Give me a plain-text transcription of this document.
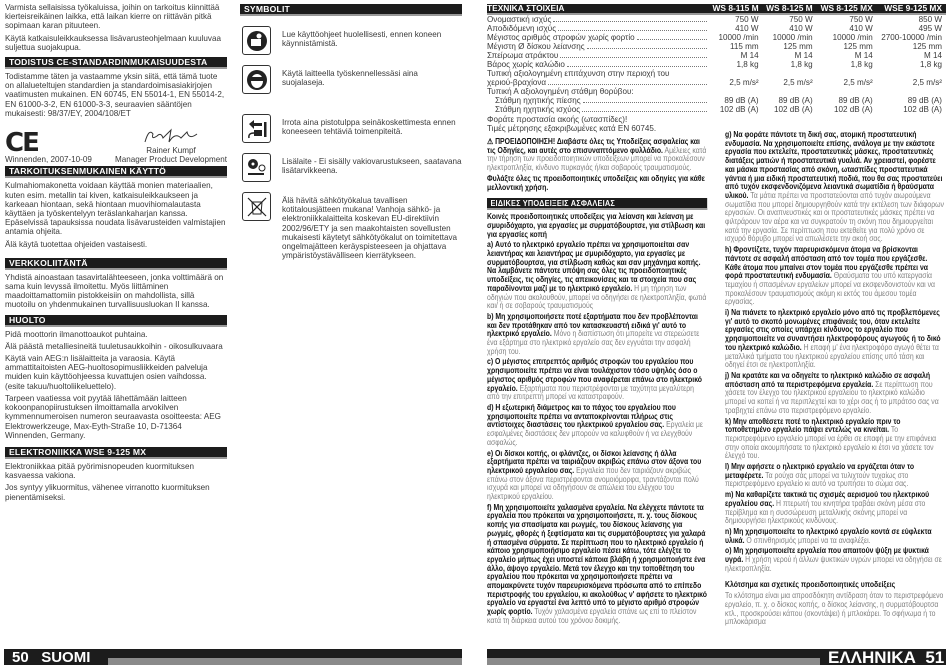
Varmista sellaisissa työkaluissa, joihin on tarkoitus kiinnittää kierteisreikäinen laikka, että laikan kierre on riittävän pitkä sopimaan karan pituuteen.

Käytä katkaisuleikkauksessa lisävarusteohjelmaan kuuluvaa suljettua suojakupua.

TODISTUS CE-STANDARDINMUKAISUUDESTA

Todistamme täten ja vastaamme yksin siitä, että tämä tuote on allalueteltujen standardien ja standardoimisasiakirjojen vaatimusten mukainen. EN 60745, EN 55014-1, EN 55014-2, EN 61000-3-2, EN 61000-3-3, seuraavien sääntöjen mukaisesti: 98/37/EY, 2004/108/ET

CE
Winnenden, 2007-10-09
Rainer Kumpf
Manager Product Development
TARKOITUKSENMUKAINEN KÄYTTÖ

Kulmahiomakonetta voidaan käyttää monien materiaalien, kuten esim. metallin tai kiven, katkaisuleikkaukseen ja karkeaan hiontaan, sekä hiontaan muovihiomalautasta käyttäen ja työskentelyyn teräslankaharjan kanssa. Epäselvissä tapauksissa noudata lisävarusteiden valmistajien antamia ohjeita.

Älä käytä tuotettaa ohjeiden vastaisesti.

VERKKOLIITÄNTÄ

Yhdistä ainoastaan tasavirtalähteeseen, jonka volttimäärä on sama kuin levyssä ilmoitettu. Myös liittäminen maadoittamattomiin pistokkeisiin on mahdollista, sillä muotoilu on yhdenmukainen turvallisuusluokan II kanssa.

HUOLTO

Pidä moottorin ilmanottoaukot puhtaina.

Älä päästä metalliesineitä tuuletusaukkoihin - oikosulkuvaara

Käytä vain AEG:n lisälaitteita ja varaosia. Käytä ammattitaitoisten AEG-huoltosopimusliikkeiden palveluja muiden kuin käyttöohjeessa kuvattujen osien vaihdossa. (esite takuu/huoltoliikeluettelo).

Tarpeen vaatiessa voit pyytää lähettämään laitteen kokoonpanopiirustuksen ilmoittamalla arvokilven kymmennumeroisen numeron seuraavasta osoitteesta: AEG Elektrowerkzeuge, Max-Eyth-Straße 10, D-71364 Winnenden, Germany.

ELEKTRONIIKKA WSE 9-125 MX

Elektroniikkaa pitää pyörimisnopeuden kuormituksen kasvaessa vakiona.

Jos syntyy ylikuormitus, vähenee virranotto kuormituksen pienentämiseksi.

SYMBOLIT
Lue käyttöohjeet huolellisesti, ennen koneen käynnistämistä.
Käytä laitteella työskennellessäsi aina suojalaseja.
Irrota aina pistotulppa seinäkoskettimesta ennen koneeseen tehtäviä toimenpiteitä.
Lisälaite - Ei sisälly vakiovarustukseen, saatavana lisätarvikkeena.
Älä hävitä sähkötyökalua tavallisen kotitalousjätteen mukana! Vanhoja sähkö- ja elektroniikkalaitteita koskevan EU-direktiivin 2002/96/ETY ja sen maakohtaisten sovellusten mukaisesti käytetyt sähkötyökalut on toimitettava ongelmajätteen keräyspisteeseen ja ohjattava ympäristöystävälliseen kierrätykseen.
50 SUOMI
ΤΕΧΝΙΚΑ ΣΤΟΙΧΕΙΑ	WS 8-115 M	WS 8-125 M	WS 8-125 MX	WSE 9-125 MX

Ονομαστική ισχύς	750 W	750 W	750 W	850 W

Αποδιδόμενη ισχύς	410 W	410 W	410 W	495 W

Μέγιστος αριθμός στροφών χωρίς φορτίο	10000 /min	10000 /min	10000 /min	2700-10000 /min

Μέγιστη Ø δίσκου λείανσης	115 mm	125 mm	125 mm	125 mm

Σπείρωμα ατράκτου	M 14	M 14	M 14	M 14

Βάρος χωρίς καλώδιο	1,8 kg	1,8 kg	1,8 kg	1,8 kg

Τυπική αξιολογημένη επιτάχυνση στην περιοχή του				

χεριού-βραχίονα	2,5 m/s²	2,5 m/s²	2,5 m/s²	2,5 m/s²

Τυπική Α αξιολογημένη στάθμη θορύβου:				

Στάθμη ηχητικής πίεσης	89 dB (A)	89 dB (A)	89 dB (A)	89 dB (A)

Στάθμη ηχητικής ισχύος	102 dB (A)	102 dB (A)	102 dB (A)	102 dB (A)
Φοράτε προστασία ακοής (ωτασπίδες)!
Τιμές μέτρησης εξακριβωμένες κατά EN 60745.

⚠ ΠΡΟΕΙΔΟΠΟΙΗΣΗ! Διαβάστε όλες τις Υποδείξεις ασφαλείας και τις Οδηγίες, και αυτές στο επισυναπτόμενο φυλλάδιο. Αμέλειες κατά την τήρηση των προειδοποιητικών υποδείξεων μπορεί να προκαλέσουν ηλεκτροπληξία, κίνδυνο πυρκαγιάς ή/και σοβαρούς τραυματισμούς.

Φυλάξτε όλες τις προειδοποιητικές υποδείξεις και οδηγίες για κάθε μελλοντική χρήση.

ΕΙΔΙΚΕΣ ΥΠΟΔΕΙΞΕΙΣ ΑΣΦΑΛΕΙΑΣ

Κοινές προειδοποιητικές υποδείξεις για λείανση και λείανση με σμυριδόχαρτο, για εργασίες με συρματόβουρτσε, για στίλβωση και για εργασίες κοπή

a) Αυτό το ηλεκτρικό εργαλείο πρέπει να χρησιμοποιείται σαν λειαντήρας και λειαντήρας με σμυριδόχαρτο, για εργασίες με συρματόβουρτσα, για στίλβωση καθώς και σαν μηχάνημα κοπής. Να λαμβάνετε πάντοτε υπόψη σας όλες τις προειδοποιητικές υποδείξεις, τις οδηγίες, τις απεικονίσεις και τα στοιχεία που σας παραδίνονται μαζί με το ηλεκτρικό εργαλείο. Η μη τήρηση των οδηγιών που ακολουθούν, μπορεί να οδηγήσει σε ηλεκτροπληξία, φωτιά και/ ή σε σοβαρούς τραυματισμούς

b) Μη χρησιμοποιήσετε ποτέ εξαρτήματα που δεν προβλέπονται και δεν προτάθηκαν από τον κατασκευαστή ειδικά γι' αυτό το ηλεκτρικό εργαλείο. Μόνο η διαπίστωση ότι μπορείτε να στερεώσετε ένα εξάρτημα στο ηλεκτρικό εργαλείο σας δεν εγγυάται την ασφαλή χρήση του.

c) Ο μέγιστος επιτρεπτός αριθμός στροφών του εργαλείου που χρησιμοποιείτε πρέπει να είναι τουλάχιστον τόσο υψηλός όσο ο μέγιστος αριθμός στροφών που αναφέρεται επάνω στο ηλεκτρικό εργαλείο. Εξαρτήματα που περιστρέφονται με ταχύτητα μεγαλύτερη από την επιτρεπτή μπορεί να καταστραφούν.

d) Η εξωτερική διάμετρος και το πάχος του εργαλείου που χρησιμοποιείτε πρέπει να ανταποκρίνονται πλήρως στις αντίστοιχες διαστάσεις του ηλεκτρικού εργαλείου σας. Εργαλεία με εσφαλμένες διαστάσεις δεν μπορούν να καλυφθούν ή να ελεγχθούν ασφαλώς.

e) Οι δίσκοι κοπής, οι φλάντζες, οι δίσκοι λείανσης ή άλλα εξαρτήματα πρέπει να ταιριάζουν ακριβώς επάνω στον άξονα του ηλεκτρικού εργαλείου σας. Εργαλεία που δεν ταιριάζουν ακριβώς επάνω στον άξονα περιστρέφονται ανομοιόμορφα, τραντάζονται πολύ ισχυρά και μπορεί να οδηγήσουν σε απώλεια του ελέγχου του ηλεκτρικού εργαλείου.

f) Μη χρησιμοποιείτε χαλασμένα εργαλεία. Να ελέγχετε πάντοτε τα εργαλεία που πρόκειται να χρησιμοποιήσετε, π. χ. τους δίσκους κοπής για σπασίματα και ρωγμές, του δίσκους λείανσης για ρωγμές, φθορές ή ξεφτίσματα και τις συρματόβουρτσες για χαλαρά ή σπασμένα σύρματα. Σε περίπτωση που το ηλεκτρικό εργαλείο ή κάποιο χρησιμοποιήσιμο εργαλείο πέσει κάτω, τότε ελέγξτε το εργαλείο μήπως έχει υποστεί κάποια βλάβη ή χρησιμοποιήστε ένα άλλο, άψογο εργαλείο. Μετά τον έλεγχο και την τοποθέτηση του εργαλείου που πρόκειται να χρησιμοποιήσετε πρέπει να απομακρύνετε τυχόν παρευρισκόμενα πρόσωπα από το επίπεδο περιστροφής του εργαλείου, κι ακολούθως ν' αφήσετε το ηλεκτρικό εργαλείο να εργαστεί ένα λεπτό υπό το μέγιστο αριθμό στροφών χωρίς φορτίο. Τυχόν χαλασμένα εργαλεία σπάνε ως επί το πλείστον κατά τη διάρκεια αυτού του χρόνου δοκιμής.

g) Να φοράτε πάντοτε τη δική σας, ατομική προστατευτική ενδυμασία. Να χρησιμοποιείτε επίσης, ανάλογα με την εκάστοτε εργασία που εκτελείτε, προστατευτικές μάσκες, προστατευτικές διατάξεις ματιών ή προστατευτικά γυαλιά. Αν χρειαστεί, φορέστε και μάσκα προστασίας από σκόνη, ωτασπίδες προστατευτικά γάντια ή μια ειδική προστατευτική ποδιά, που θα σας προστατεύει από τυχόν εκσφενδονιζόμενα λειαντικά σωματίδια ή θραύσματα υλικού. Τα μάτια πρέπει να προστατεύονται από τυχόν αιωρούμενα σωματίδια που μπορεί δημιουργηθούν κατά την εκτέλεση των διάφορων εργασιών. Οι αναπνευστικές και οι προστατευτικές μάσκες πρέπει να φιλτράρουν τον αέρα και να συγκρατούν τη σκόνη που δημιουργείται κατά την εργασία. Σε περίπτωση που εκτεθείτε για πολύ χρόνο σε ισχυρό θόρυβο μπορεί να απωλέσετε την ακοή σας.

h) Φροντίζετε, τυχόν παρευρισκόμενα άτομα να βρίσκονται πάντοτε σε ασφαλή απόσταση από τον τομέα που εργάζεσθε. Κάθε άτομα που μπαίνει στον τομέα που εργάζεσθε πρέπει να φορά προστατευτική ενδυμασία. Θραύσματα του υπό κατεργασία τεμαχίου ή σπασμένων εργαλείων μπορεί να εκσφενδονιστούν και να προκαλέσουν τραυματισμούς ακόμη κι εκτός του άμεσου τομέα εργασίας.

i) Να πιάνετε το ηλεκτρικό εργαλείο μόνο από τις προβλεπόμενες γι' αυτό το σκοπό μονωμένες επιφάνειές του, όταν εκτελείτε εργασίες στις οποίες υπάρχει κίνδυνος το εργαλείο που χρησιμοποιείτε να συναντήσει ηλεκτροφόρους αγωγούς ή το δικό του ηλεκτρικό καλώδιο. Η επαφή μ' ένα ηλεκτροφόρο αγωγό θέτει τα μεταλλικά τμήματα του ηλεκτρικού εργαλείου επίσης υπό τάση και οδηγεί έτσι σε ηλεκτροπληξία.

j) Να κρατάτε και να οδηγείτε το ηλεκτρικό καλώδιο σε ασφαλή απόσταση από τα περιστρεφόμενα εργαλεία. Σε περίπτωση που χάσετε τον έλεγχο του ηλεκτρικού εργαλείου το ηλεκτρικό καλώδιο μπορεί να κοπεί ή να περιπλεχτεί και το χέρι σας ή το μπράτσο σας να τραβηχτεί επάνω στο περιστρεφόμενο εργαλείο.

k) Μην αποθέσετε ποτέ το ηλεκτρικό εργαλείο πριν το τοποθετημένο εργαλείο πάψει εντελώς να κινείται. Το περιστρεφόμενο εργαλείο μπορεί να έρθει σε επαφή με την επιφάνεια στην οποία ακουμπήσατε το ηλεκτρικό εργαλείο κι έτσι να χάσετε τον έλεγχό του.

l) Μην αφήσετε ο ηλεκτρικό εργαλείο να εργάζεται όταν το μεταφέρετε. Τα ρούχα σάς μπορεί να τυλιχτούν τυχαίως στο περιστρεφόμενο εργαλείο κι αυτό να τρυπήσει το σώμα σας.

m) Να καθαρίζετε τακτικά τις σχισμές αερισμού του ηλεκτρικού εργαλείου σας. Η πτερωτή του κινητήρα τραβάει σκόνη μέσα στο περίβλημα και η συσσώρευση μεταλλικής σκόνης μπορεί να δημιουργήσει ηλεκτρικούς κινδύνους.

n) Μη χρησιμοποιείτε το ηλεκτρικό εργαλείο κοντά σε εύφλεκτα υλικά. Ο σπινθηρισμός μπορεί να τα αναφλέξει.

o) Μη χρησιμοποιείτε εργαλεία που απαιτούν ψύξη με ψυκτικά υγρά. Η χρήση νερού ή άλλων ψυκτικών υγρών μπορεί να οδηγήσει σε ηλεκτροπληξία.

Κλότσημα και σχετικές προειδοποιητικές υποδείξεις

Το κλότσημα είναι μια απροσδόκητη αντίδραση όταν το περιστρεφόμενο εργαλείο, π. χ. ο δίσκος κοπής, ο δίσκος λείανσης, η συρματόβουρτσα κτλ., προσκρούσει κάπου (σκοντάψει) ή μπλοκάρει. Το σφήνωμα ή το μπλοκάρισμα

ΕΛΛΗΝΙΚΑ 51
